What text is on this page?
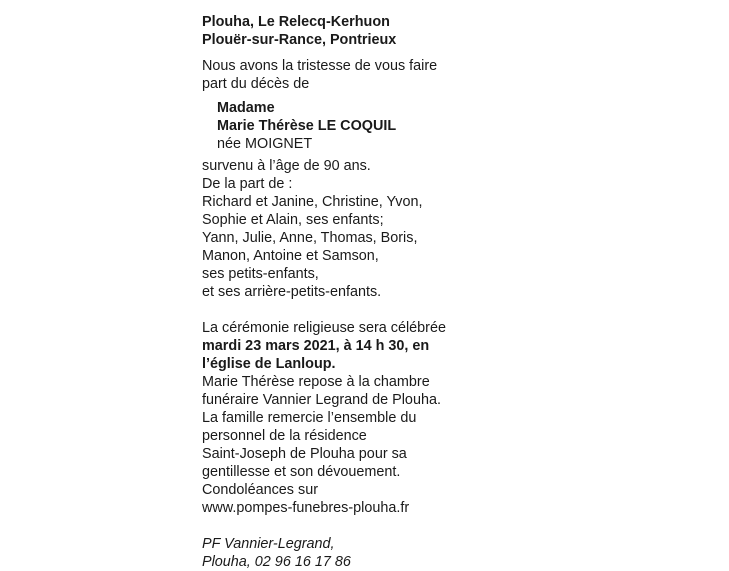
Plouha, Le Relecq-Kerhuon
Plouër-sur-Rance, Pontrieux
Nous avons la tristesse de vous faire
part du décès de
Madame
Marie Thérèse LE COQUIL
née MOIGNET
survenu à l’âge de 90 ans.
De la part de :
Richard et Janine, Christine, Yvon,
Sophie et Alain, ses enfants;
Yann, Julie, Anne, Thomas, Boris,
Manon, Antoine et Samson,
ses petits-enfants,
et ses arrière-petits-enfants.
La cérémonie religieuse sera célébrée
mardi 23 mars 2021, à 14 h 30, en
l’église de Lanloup.
Marie Thérèse repose à la chambre
funéraire Vannier Legrand de Plouha.
La famille remercie l’ensemble du
personnel de la résidence
Saint-Joseph de Plouha pour sa
gentillesse et son dévouement.
Condoléances sur
www.pompes-funebres-plouha.fr
PF Vannier-Legrand,
Plouha, 02 96 16 17 86
